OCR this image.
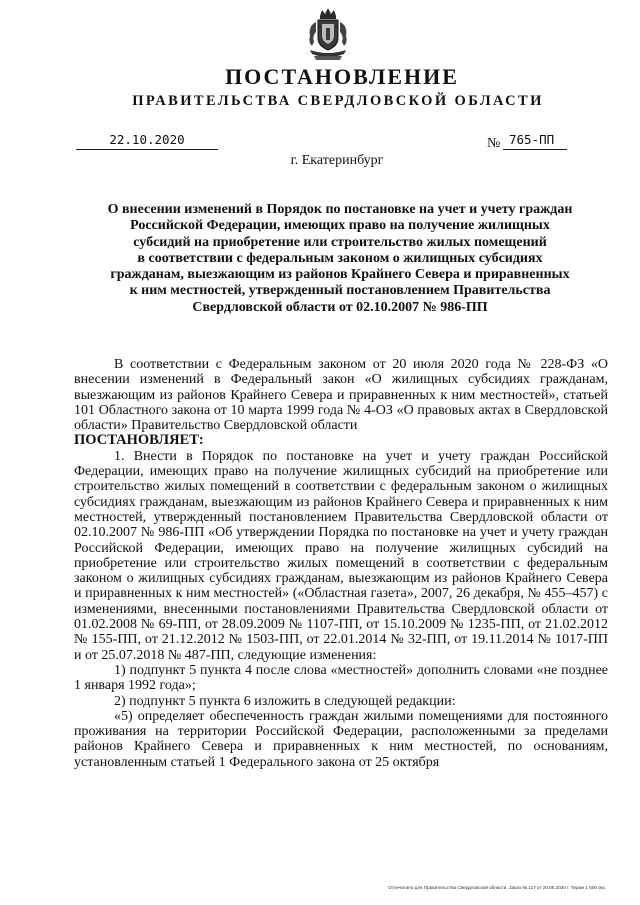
ПОСТАНОВЛЕНИЕ
ПРАВИТЕЛЬСТВА СВЕРДЛОВСКОЙ ОБЛАСТИ
22.10.2020	№ 765-ПП
г. Екатеринбург
О внесении изменений в Порядок по постановке на учет и учету граждан
Российской Федерации, имеющих право на получение жилищных
субсидий на приобретение или строительство жилых помещений
в соответствии с федеральным законом о жилищных субсидиях
гражданам, выезжающим из районов Крайнего Севера и приравненных
к ним местностей, утвержденный постановлением Правительства
Свердловской области от 02.10.2007 № 986-ПП

В соответствии с Федеральным законом от 20 июля 2020 года № 228-ФЗ «О внесении изменений в Федеральный закон «О жилищных субсидиях гражданам, выезжающим из районов Крайнего Севера и приравненных к ним местностей», статьей 101 Областного закона от 10 марта 1999 года № 4-ОЗ «О правовых актах в Свердловской области» Правительство Свердловской области

ПОСТАНОВЛЯЕТ:

1. Внести в Порядок по постановке на учет и учету граждан Российской Федерации, имеющих право на получение жилищных субсидий на приобретение или строительство жилых помещений в соответствии с федеральным законом о жилищных субсидиях гражданам, выезжающим из районов Крайнего Севера и приравненных к ним местностей, утвержденный постановлением Правительства Свердловской области от 02.10.2007 № 986-ПП «Об утверждении Порядка по постановке на учет и учету граждан Российской Федерации, имеющих право на получение жилищных субсидий на приобретение или строительство жилых помещений в соответствии с федеральным законом о жилищных субсидиях гражданам, выезжающим из районов Крайнего Севера и приравненных к ним местностей» («Областная газета», 2007, 26 декабря, № 455–457) с изменениями, внесенными постановлениями Правительства Свердловской области от 01.02.2008 № 69-ПП, от 28.09.2009 № 1107-ПП, от 15.10.2009 № 1235-ПП, от 21.02.2012 № 155-ПП, от 21.12.2012 № 1503-ПП, от 22.01.2014 № 32-ПП, от 19.11.2014 № 1017-ПП и от 25.07.2018 № 487-ПП, следующие изменения:

1) подпункт 5 пункта 4 после слова «местностей» дополнить словами «не позднее 1 января 1992 года»;

2) подпункт 5 пункта 6 изложить в следующей редакции:

«5) определяет обеспеченность граждан жилыми помещениями для постоянного проживания на территории Российской Федерации, расположенными за пределами районов Крайнего Севера и приравненных к ним местностей, по основаниям, установленным статьей 1 Федерального закона от 25 октября

Отпечатано для Правительства Свердловской области. Заказ № 117 от 20.05.2020 г. Тираж 1 500 экз.
